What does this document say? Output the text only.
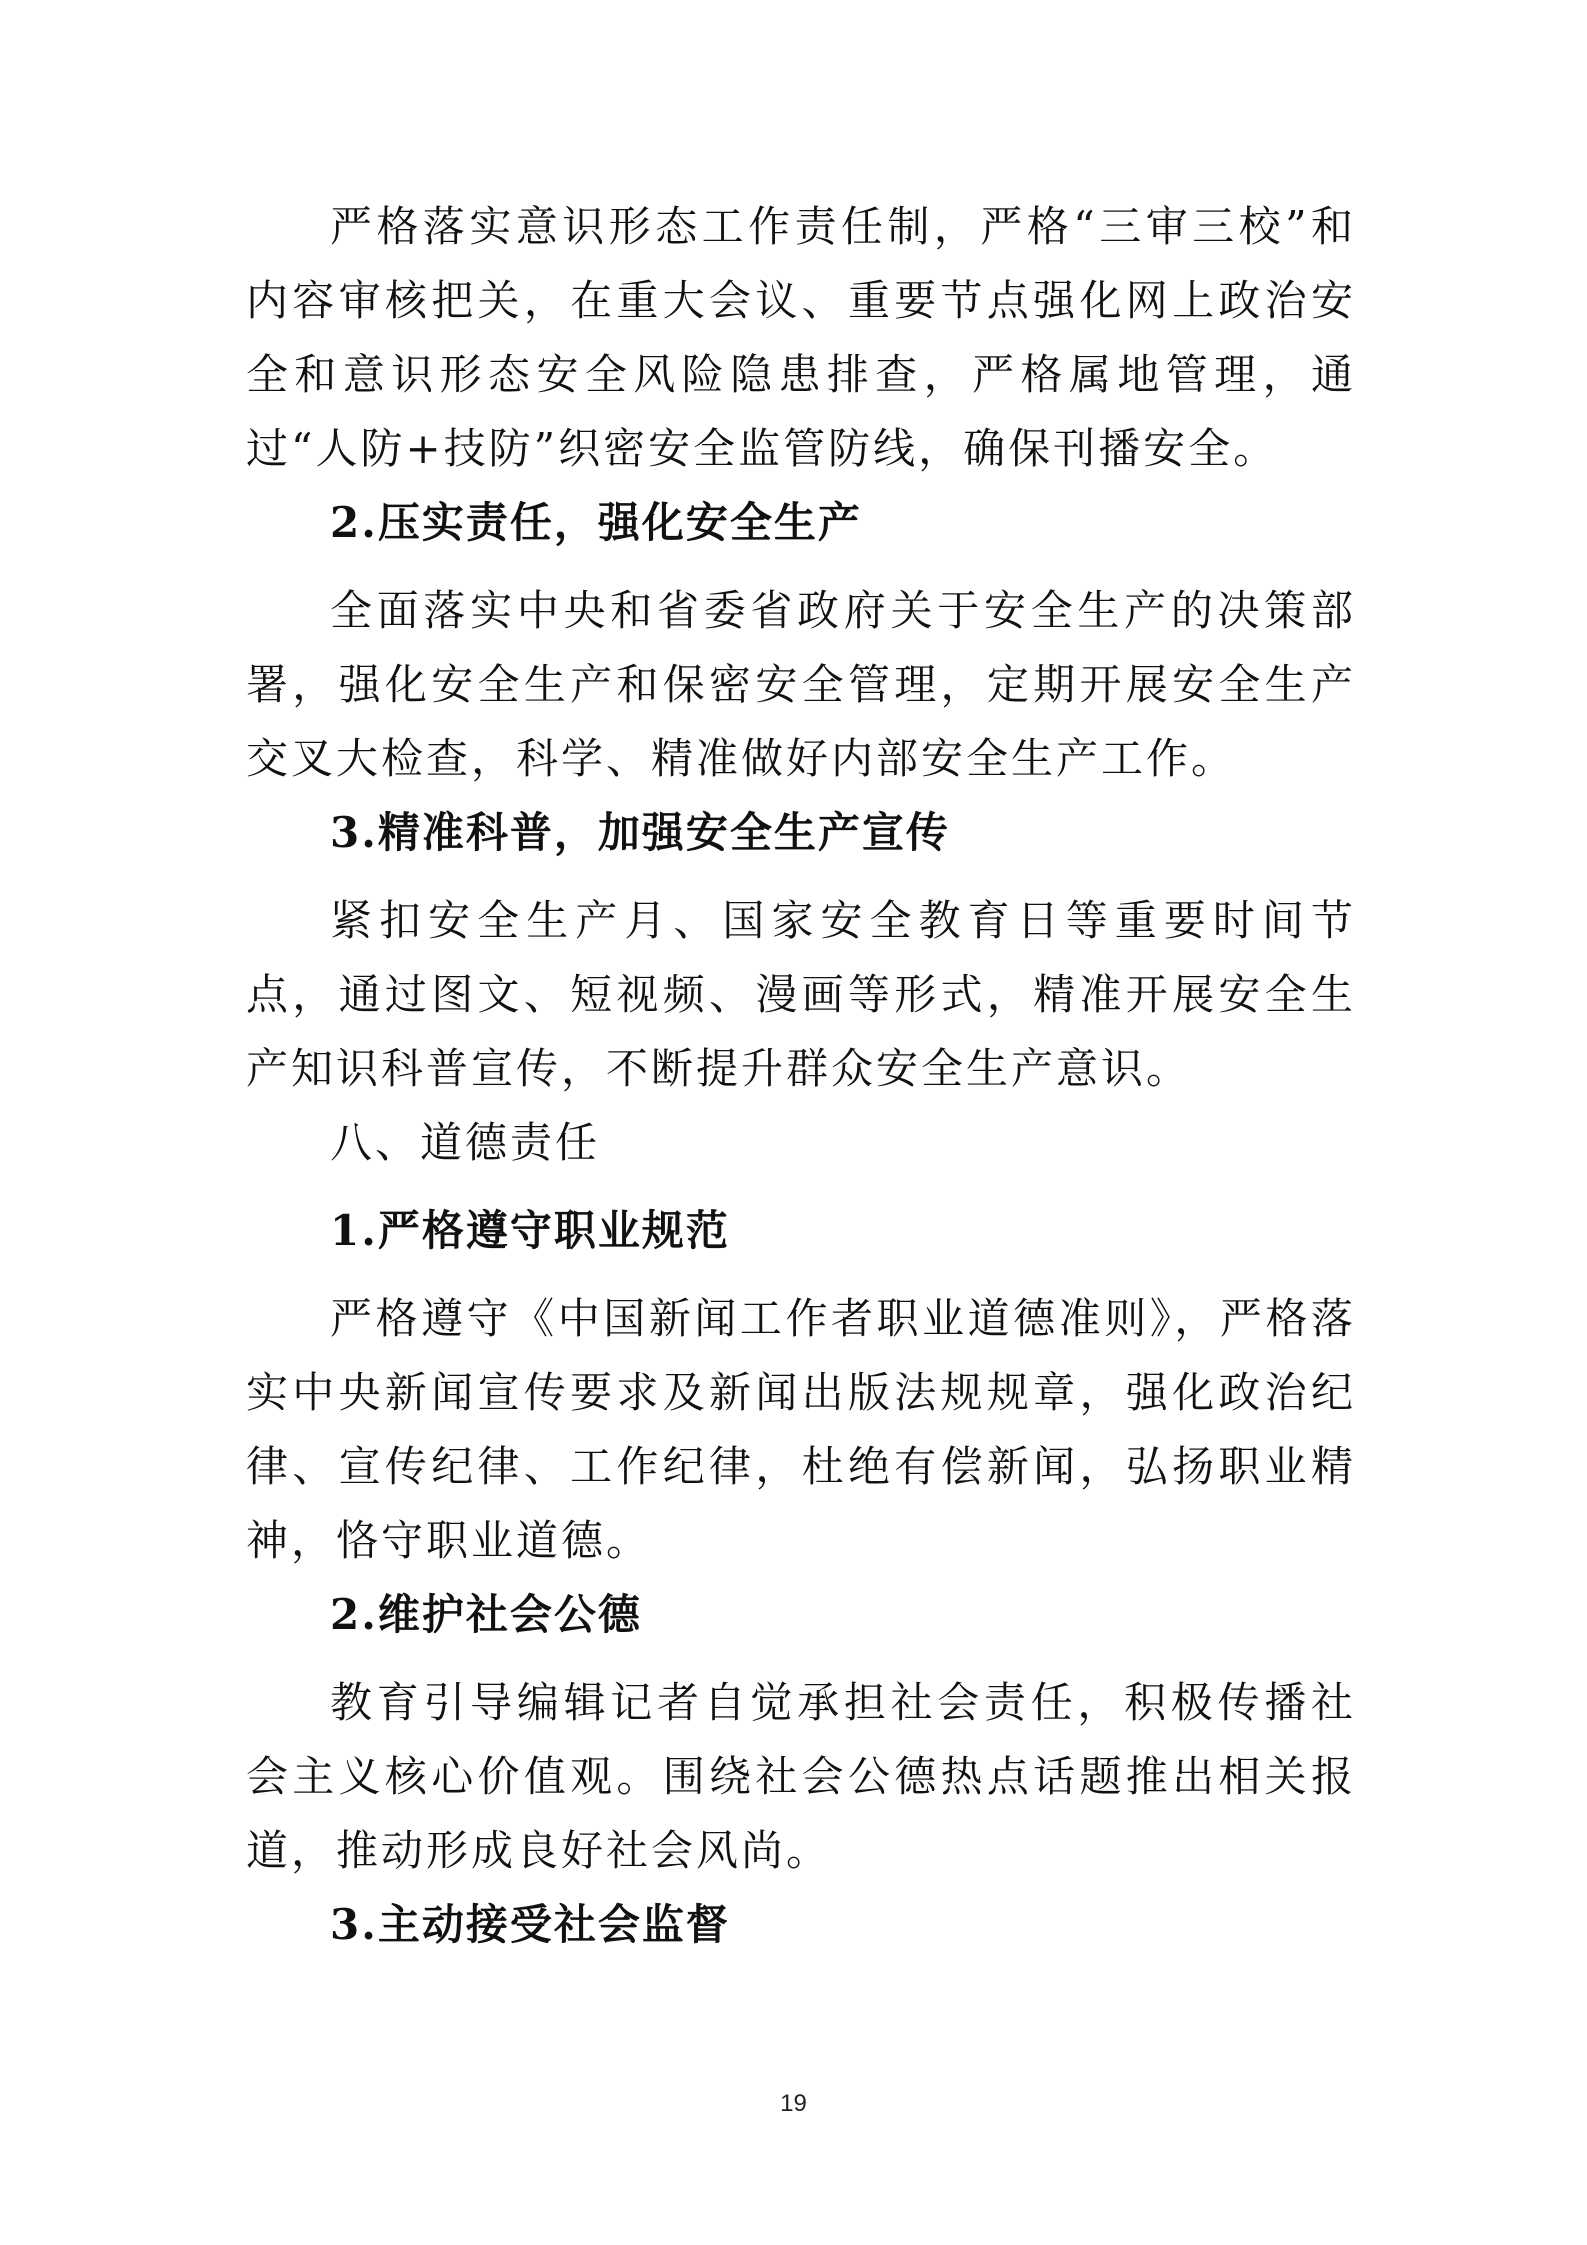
严格落实意识形态工作责任制，严格“三审三校”和内容审核把关，在重大会议、重要节点强化网上政治安全和意识形态安全风险隐患排查，严格属地管理，通过“人防+技防”织密安全监管防线，确保刊播安全。

2.压实责任，强化安全生产

全面落实中央和省委省政府关于安全生产的决策部署，强化安全生产和保密安全管理，定期开展安全生产交叉大检查，科学、精准做好内部安全生产工作。

3.精准科普，加强安全生产宣传

紧扣安全生产月、国家安全教育日等重要时间节点，通过图文、短视频、漫画等形式，精准开展安全生产知识科普宣传，不断提升群众安全生产意识。

八、道德责任

1.严格遵守职业规范

严格遵守《中国新闻工作者职业道德准则》，严格落实中央新闻宣传要求及新闻出版法规规章，强化政治纪律、宣传纪律、工作纪律，杜绝有偿新闻，弘扬职业精神，恪守职业道德。

2.维护社会公德

教育引导编辑记者自觉承担社会责任，积极传播社会主义核心价值观。围绕社会公德热点话题推出相关报道，推动形成良好社会风尚。

3.主动接受社会监督

19
